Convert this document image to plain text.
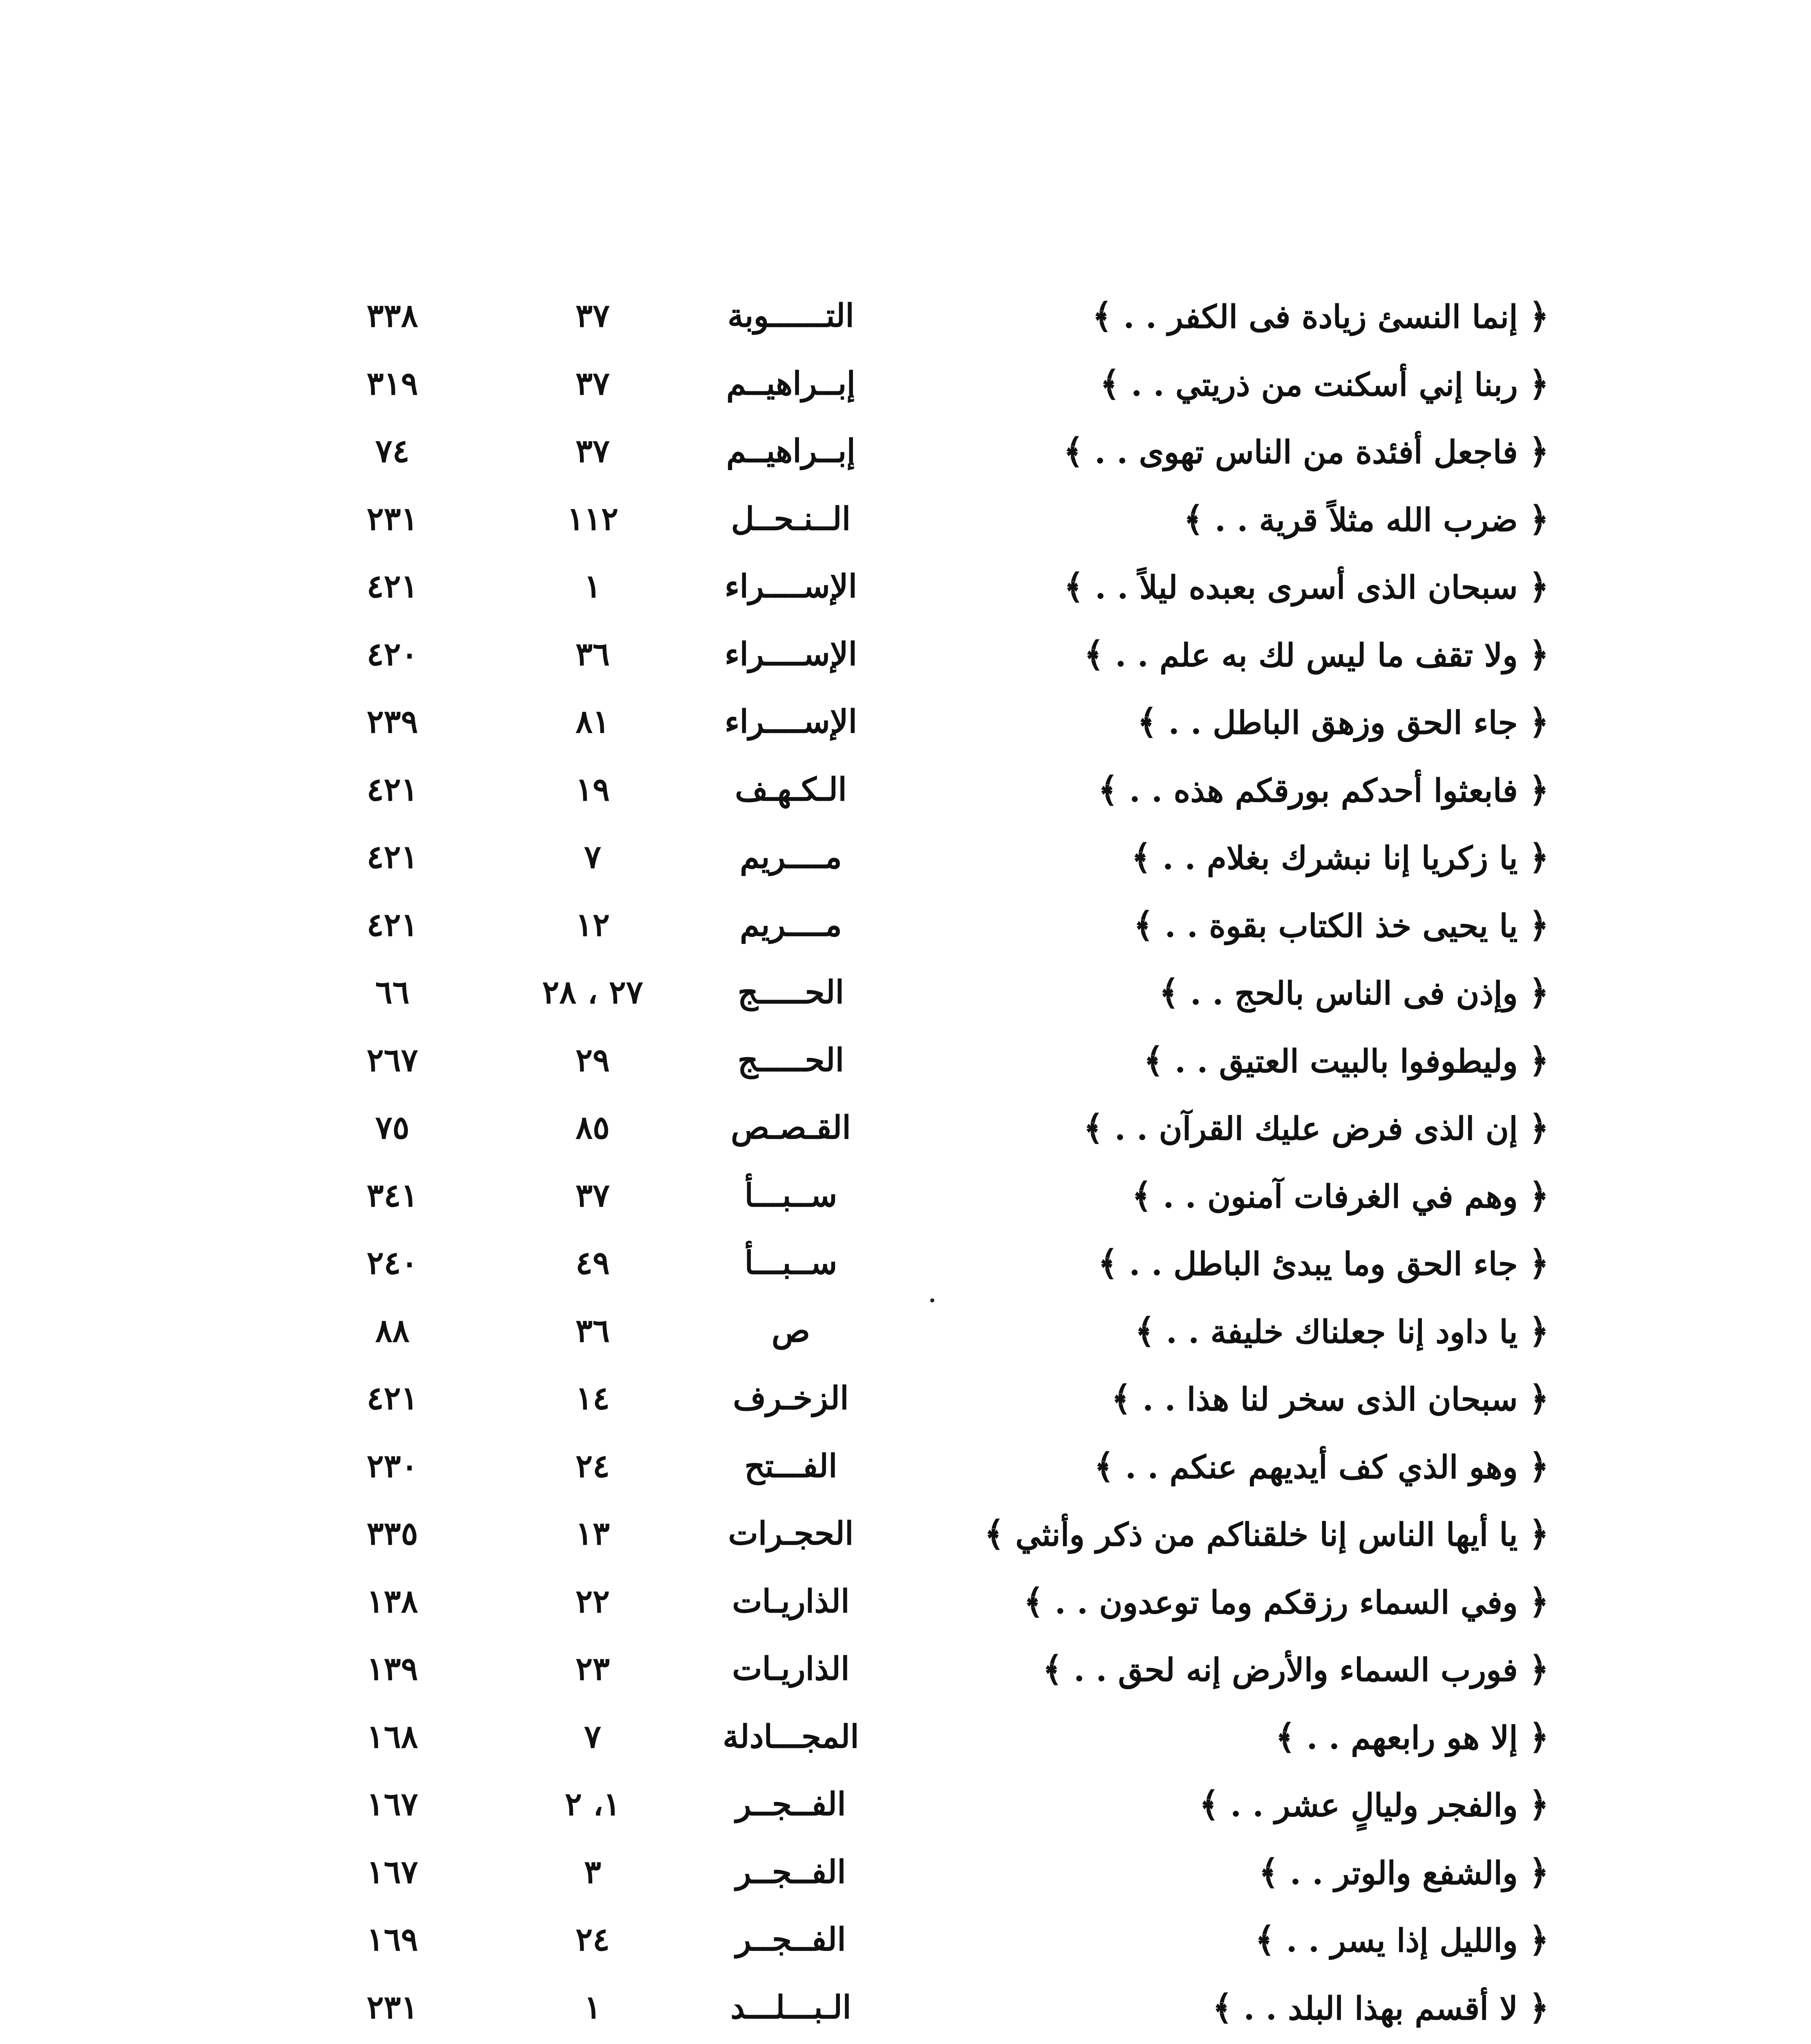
﴿ إنما النسئ زيادة فى الكفر . . ﴾
التــــــوبة
٣٧
٣٣٨
﴿ ربنا إني أسكنت من ذريتي . . ﴾
إبــراهيــم
٣٧
٣١٩
﴿ فاجعل أفئدة من الناس تهوى . . ﴾
إبــراهيــم
٣٧
٧٤
﴿ ضرب الله مثلاً قرية . . ﴾
الــنـحــل
١١٢
٢٣١
﴿ سبحان الذى أسرى بعبده ليلاً . . ﴾
الإســــراء
١
٤٢١
﴿ ولا تقف ما ليس لك به علم . . ﴾
الإســــراء
٣٦
٤٢٠
﴿ جاء الحق وزهق الباطل . . ﴾
الإســــراء
٨١
٢٣٩
﴿ فابعثوا أحدكم بورقكم هذه . . ﴾
الـكـهـف
١٩
٤٢١
﴿ يا زكريا إنا نبشرك بغلام . . ﴾
مــــريم
٧
٤٢١
﴿ يا يحيى خذ الكتاب بقوة . . ﴾
مــــريم
١٢
٤٢١
﴿ وإذن فى الناس بالحج . . ﴾
الحـــــج
٢٧ ، ٢٨
٦٦
﴿ وليطوفوا بالبيت العتيق . . ﴾
الحـــــج
٢٩
٢٦٧
﴿ إن الذى فرض عليك القرآن . . ﴾
القـصـص
٨٥
٧٥
﴿ وهم في الغرفات آمنون . . ﴾
ســبـــأ
٣٧
٣٤١
﴿ جاء الحق وما يبدئ الباطل . . ﴾
ســبـــأ
٤٩
٢٤٠
﴿ يا داود إنا جعلناك خليفة . . ﴾
ص
٣٦
٨٨
﴿ سبحان الذى سخر لنا هذا . . ﴾
الزخـرف
١٤
٤٢١
﴿ وهو الذي كف أيديهم عنكم . . ﴾
الفـــتح
٢٤
٢٣٠
﴿ يا أيها الناس إنا خلقناكم من ذكر وأنثي ﴾
الحجـرات
١٣
٣٣٥
﴿ وفي السماء رزقكم وما توعدون . . ﴾
الذاريـات
٢٢
١٣٨
﴿ فورب السماء والأرض إنه لحق . . ﴾
الذاريـات
٢٣
١٣٩
﴿ إلا هو رابعهم . . ﴾
المجـــادلة
٧
١٦٨
﴿ والفجر وليالٍ عشر . . ﴾
الفــجــر
١، ٢
١٦٧
﴿ والشفع والوتر . . ﴾
الفــجــر
٣
١٦٧
﴿ والليل إذا يسر . . ﴾
الفــجــر
٢٤
١٦٩
﴿ لا أقسم بهذا البلد . . ﴾
الـبـــلـــد
١
٢٣١
